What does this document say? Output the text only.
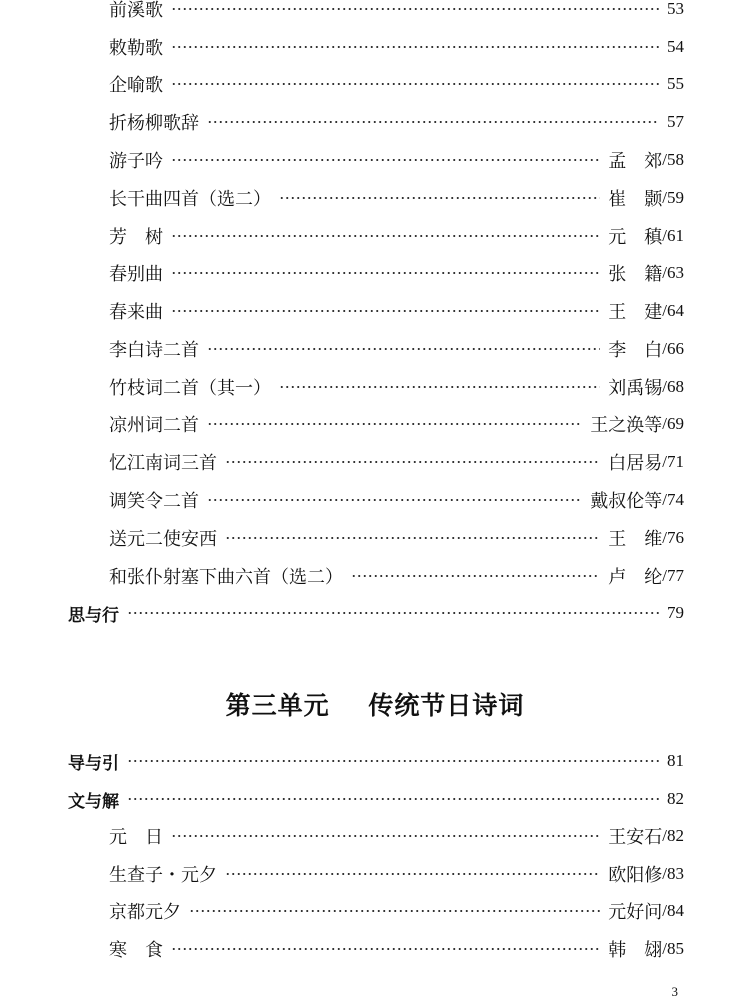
前溪歌	53
敕勒歌	54
企喻歌	55
折杨柳歌辞	57
游子吟	孟　郊 /58
长干曲四首（选二）	崔　颢 /59
芳　树	元　稹 /61
春别曲	张　籍 /63
春来曲	王　建 /64
李白诗二首	李　白 /66
竹枝词二首（其一）	刘禹锡 /68
凉州词二首	王之涣等 /69
忆江南词三首	白居易 /71
调笑令二首	戴叔伦等 /74
送元二使安西	王　维 /76
和张仆射塞下曲六首（选二）	卢　纶 /77
思与行	79
第三单元 传统节日诗词
导与引	81
文与解	82
元　日	王安石 /82
生查子・元夕	欧阳修 /83
京都元夕	元好问 /84
寒　食	韩　翃 /85
3
